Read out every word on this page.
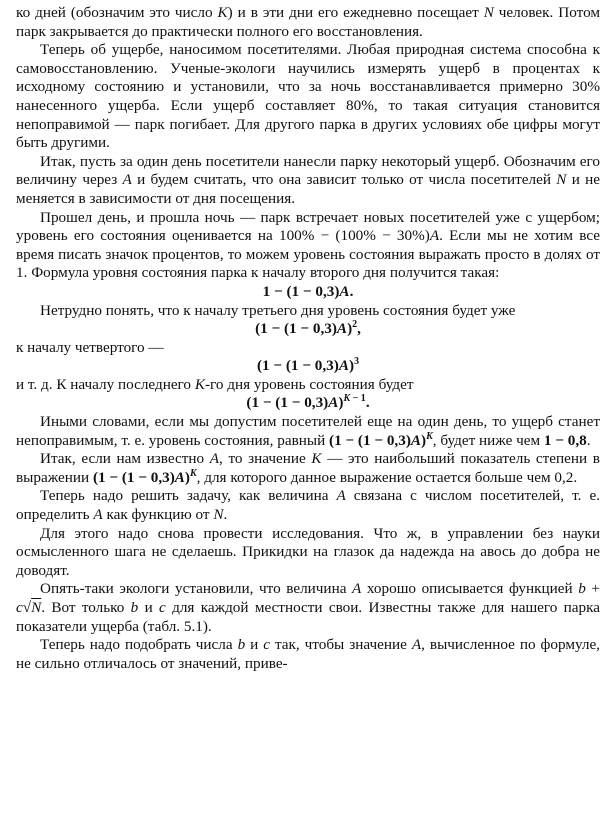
ко дней (обозначим это число K) и в эти дни его ежедневно посещает N человек. Потом парк закрывается до практически полного его восстановления.

Теперь об ущербе, наносимом посетителями. Любая природная система способна к самовосстановлению. Ученые-экологи научились измерять ущерб в процентах к исходному состоянию и установили, что за ночь восстанавливается примерно 30% нанесенного ущерба. Если ущерб составляет 80%, то такая ситуация становится непоправимой — парк погибает. Для другого парка в других условиях обе цифры могут быть другими.

Итак, пусть за один день посетители нанесли парку некоторый ущерб. Обозначим его величину через A и будем считать, что она зависит только от числа посетителей N и не меняется в зависимости от дня посещения.

Прошел день, и прошла ночь — парк встречает новых посетителей уже с ущербом; уровень его состояния оценивается на 100% − (100% − 30%)A. Если мы не хотим все время писать значок процентов, то можем уровень состояния выражать просто в долях от 1. Формула уровня состояния парка к началу второго дня получится такая:

1 − (1 − 0,3)A.

Нетрудно понять, что к началу третьего дня уровень состояния будет уже

$(1 - (1 - 0,3)A)^2$,

к началу четвертого —

$(1 - (1 - 0,3)A)^3$

и т. д. К началу последнего K-го дня уровень состояния будет

$(1 - (1 - 0,3)A)^{K - 1}$.

Иными словами, если мы допустим посетителей еще на один день, то ущерб станет непоправимым, т. е. уровень состояния, равный $(1 - (1 - 0,3)A)^K$, будет ниже чем 1 − 0,8.

Итак, если нам известно A, то значение K — это наибольший показатель степени в выражении $(1 - (1 - 0,3)A)^K$, для которого данное выражение остается больше чем 0,2.

Теперь надо решить задачу, как величина A связана с числом посетителей, т. е. определить A как функцию от N.

Для этого надо снова провести исследования. Что ж, в управлении без науки осмысленного шага не сделаешь. Прикидки на глазок да надежда на авось до добра не доводят.

Опять-таки экологи установили, что величина A хорошо описывается функцией b + c√N. Вот только b и c для каждой местности свои. Известны также для нашего парка показатели ущерба (табл. 5.1).

Теперь надо подобрать числа b и c так, чтобы значение A, вычисленное по формуле, не сильно отличалось от значений, приве-
